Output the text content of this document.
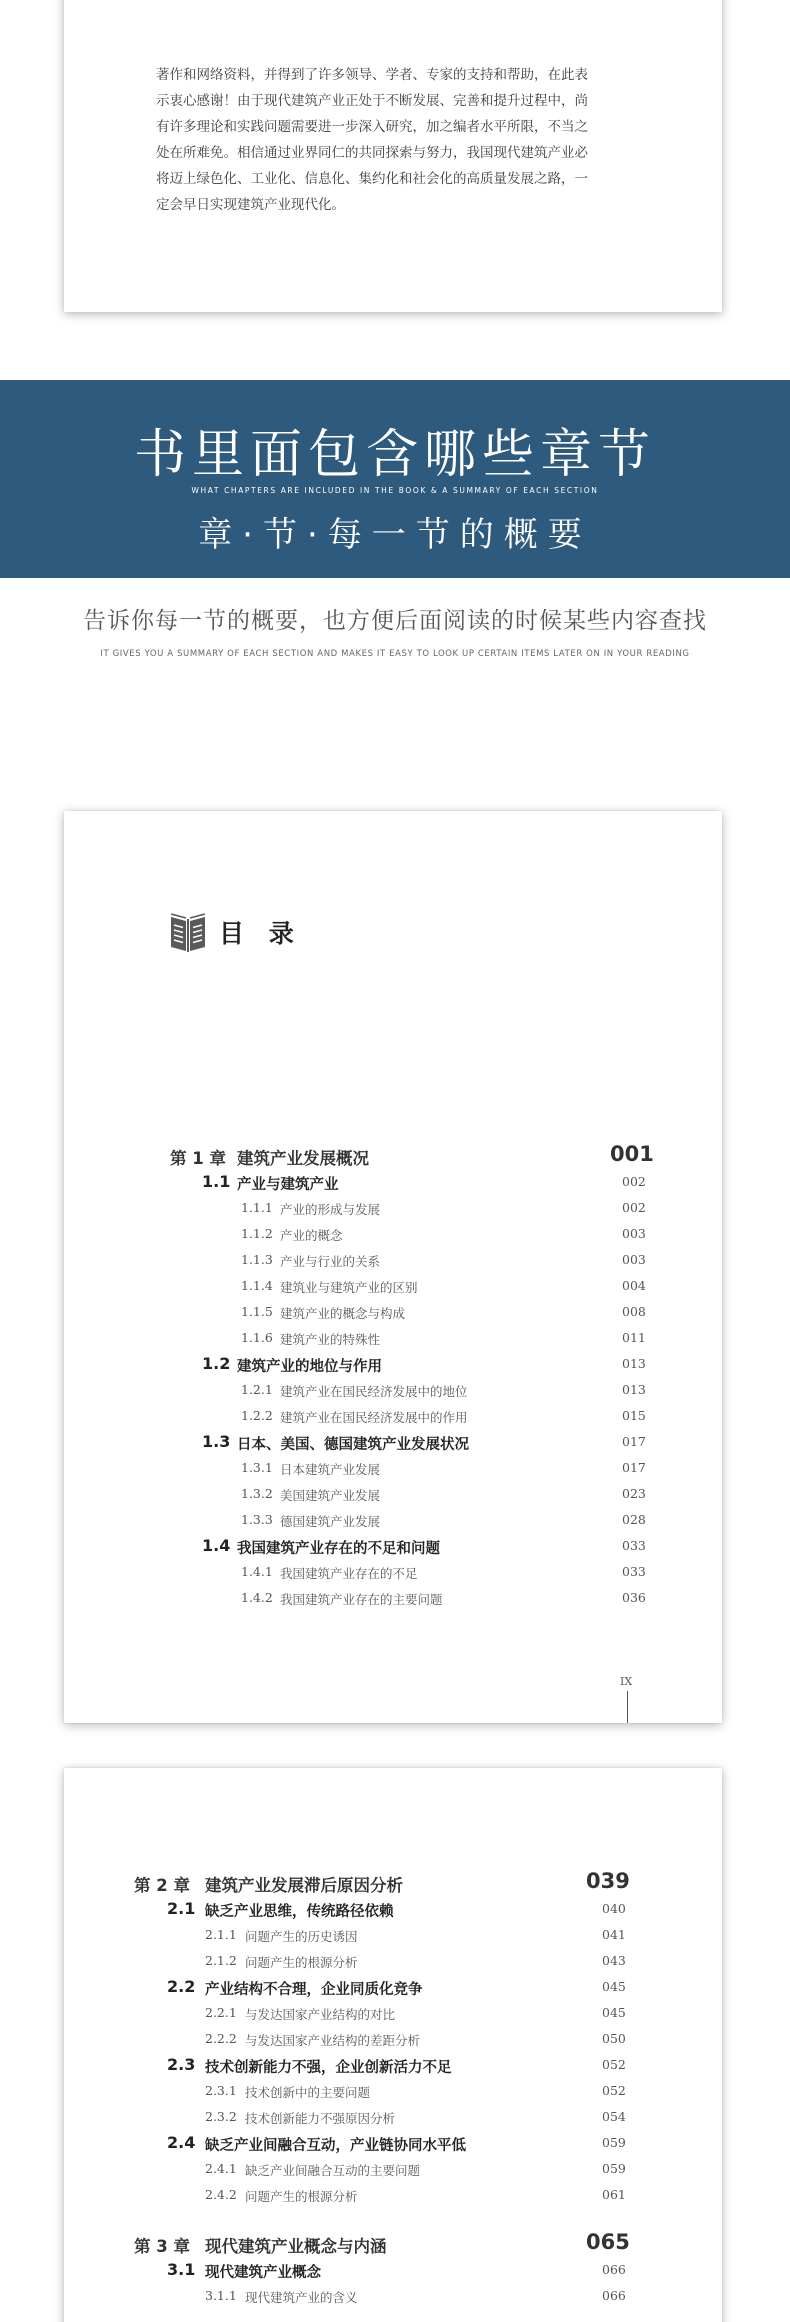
著作和网络资料，并得到了许多领导、学者、专家的支持和帮助，在此表

示衷心感谢！由于现代建筑产业正处于不断发展、完善和提升过程中，尚

有许多理论和实践问题需要进一步深入研究，加之编者水平所限，不当之

处在所难免。相信通过业界同仁的共同探索与努力，我国现代建筑产业必

将迈上绿色化、工业化、信息化、集约化和社会化的高质量发展之路，一

定会早日实现建筑产业现代化。

书里面包含哪些章节
WHAT CHAPTERS ARE INCLUDED IN THE BOOK & A SUMMARY OF EACH SECTION
章·节·每一节的概要
告诉你每一节的概要，也方便后面阅读的时候某些内容查找
IT GIVES YOU A SUMMARY OF EACH SECTION AND MAKES IT EASY TO LOOK UP CERTAIN ITEMS LATER ON IN YOUR READING
目 录
第 1 章 建筑产业发展概况	001
1.1 产业与建筑产业	002
1.1.1 产业的形成与发展	002
1.1.2 产业的概念	003
1.1.3 产业与行业的关系	003
1.1.4 建筑业与建筑产业的区别	004
1.1.5 建筑产业的概念与构成	008
1.1.6 建筑产业的特殊性	011
1.2 建筑产业的地位与作用	013
1.2.1 建筑产业在国民经济发展中的地位	013
1.2.2 建筑产业在国民经济发展中的作用	015
1.3 日本、美国、德国建筑产业发展状况	017
1.3.1 日本建筑产业发展	017
1.3.2 美国建筑产业发展	023
1.3.3 德国建筑产业发展	028
1.4 我国建筑产业存在的不足和问题	033
1.4.1 我国建筑产业存在的不足	033
1.4.2 我国建筑产业存在的主要问题	036
IX
第 2 章 建筑产业发展滞后原因分析	039
2.1 缺乏产业思维，传统路径依赖	040
2.1.1 问题产生的历史诱因	041
2.1.2 问题产生的根源分析	043
2.2 产业结构不合理，企业同质化竞争	045
2.2.1 与发达国家产业结构的对比	045
2.2.2 与发达国家产业结构的差距分析	050
2.3 技术创新能力不强，企业创新活力不足	052
2.3.1 技术创新中的主要问题	052
2.3.2 技术创新能力不强原因分析	054
2.4 缺乏产业间融合互动，产业链协同水平低	059
2.4.1 缺乏产业间融合互动的主要问题	059
2.4.2 问题产生的根源分析	061
第 3 章 现代建筑产业概念与内涵	065
3.1 现代建筑产业概念	066
3.1.1 现代建筑产业的含义	066
